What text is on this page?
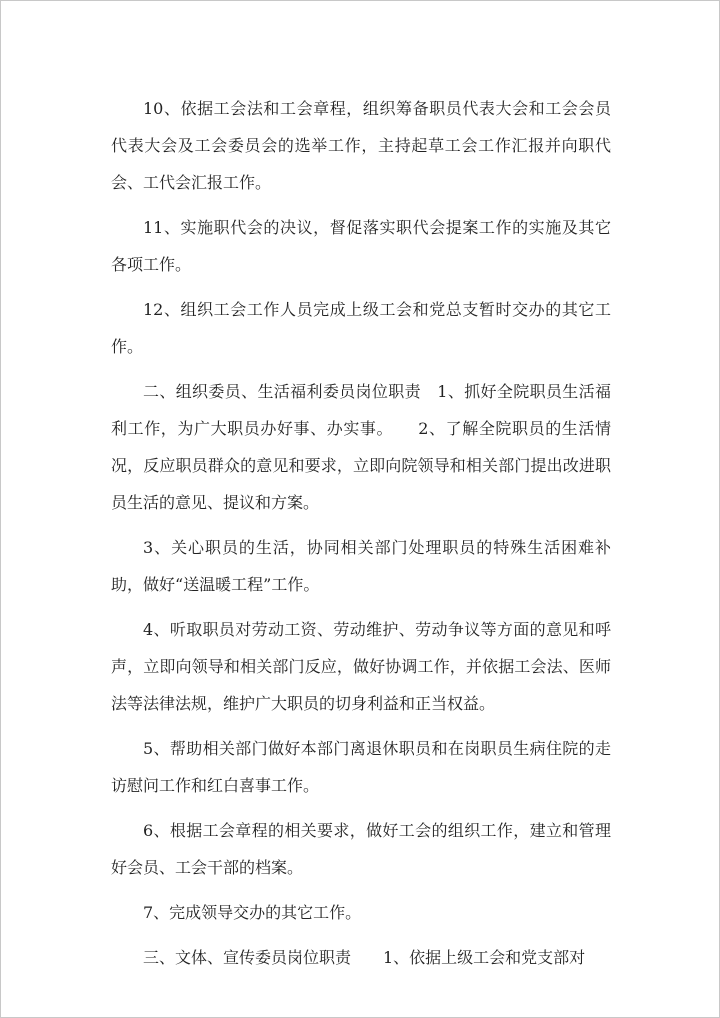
10、依据工会法和工会章程，组织筹备职员代表大会和工会会员代表大会及工会委员会的选举工作，主持起草工会工作汇报并向职代会、工代会汇报工作。

11、实施职代会的决议，督促落实职代会提案工作的实施及其它各项工作。

12、组织工会工作人员完成上级工会和党总支暂时交办的其它工作。

二、组织委员、生活福利委员岗位职责　1、抓好全院职员生活福利工作，为广大职员办好事、办实事。　　2、了解全院职员的生活情况，反应职员群众的意见和要求，立即向院领导和相关部门提出改进职员生活的意见、提议和方案。

3、关心职员的生活，协同相关部门处理职员的特殊生活困难补助，做好“送温暖工程”工作。

4、听取职员对劳动工资、劳动维护、劳动争议等方面的意见和呼声，立即向领导和相关部门反应，做好协调工作，并依据工会法、医师法等法律法规，维护广大职员的切身利益和正当权益。

5、帮助相关部门做好本部门离退休职员和在岗职员生病住院的走访慰问工作和红白喜事工作。

6、根据工会章程的相关要求，做好工会的组织工作，建立和管理好会员、工会干部的档案。

7、完成领导交办的其它工作。

三、文体、宣传委员岗位职责　　1、依据上级工会和党支部对
